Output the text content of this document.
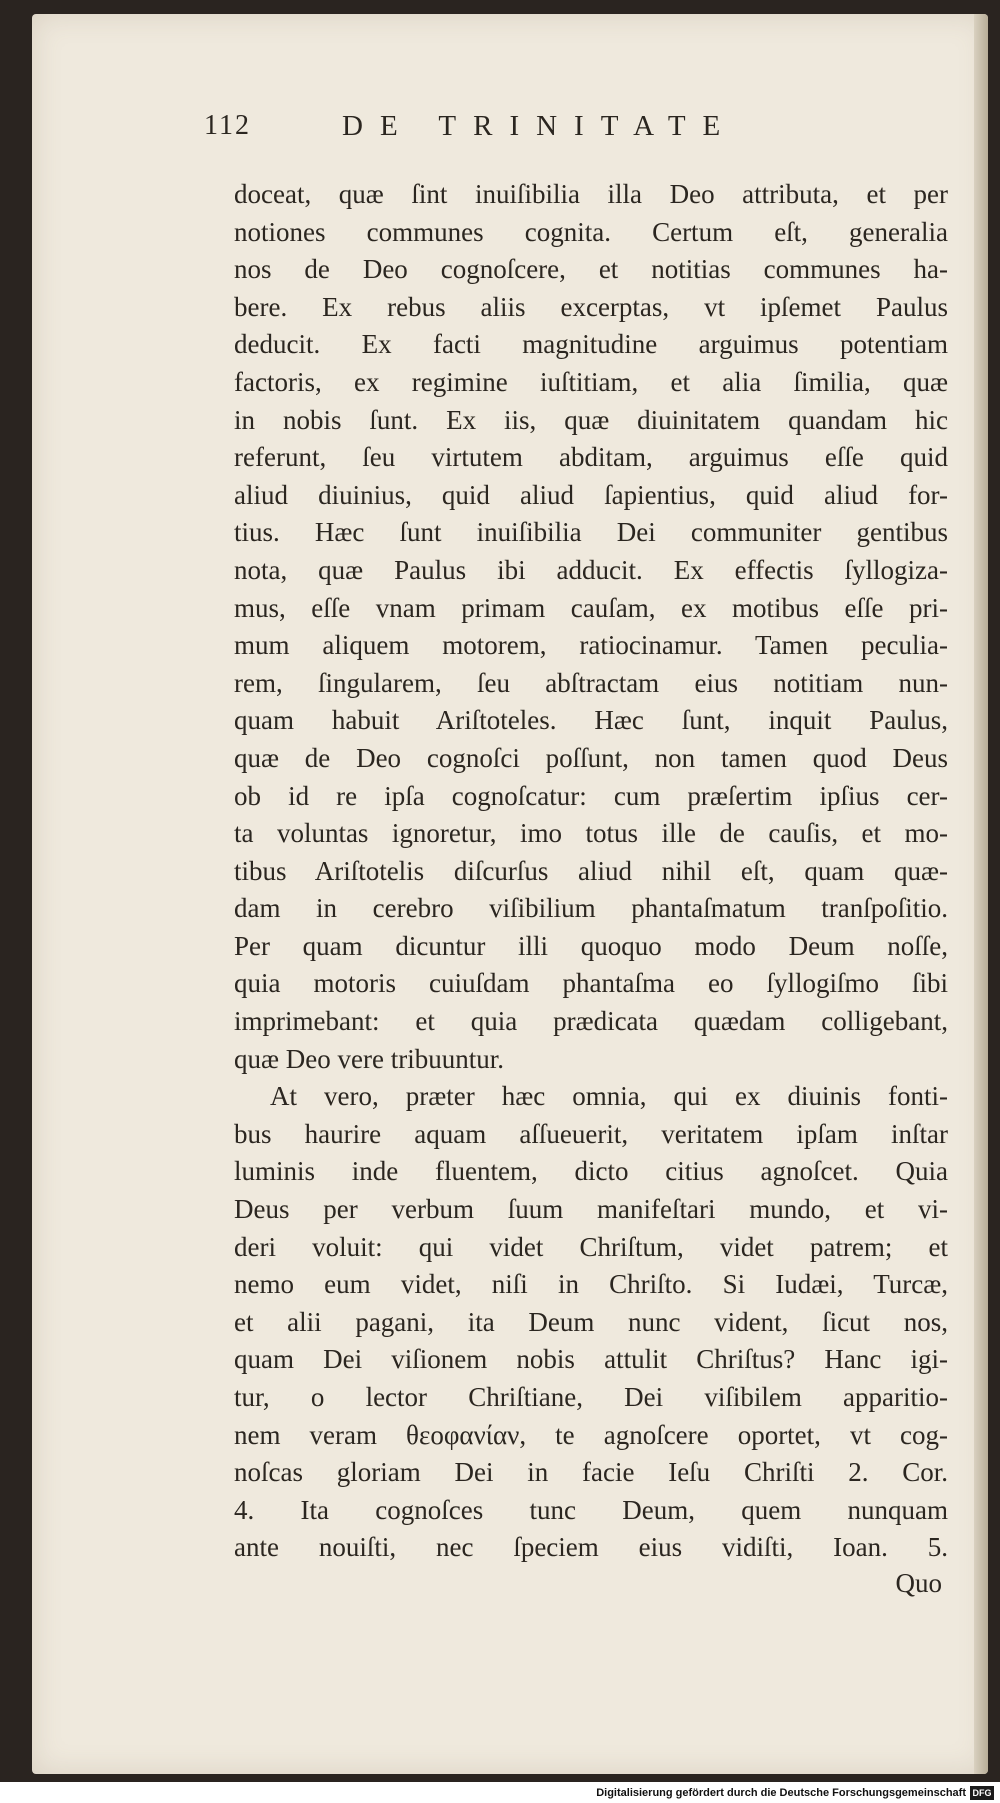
112	DE TRINITATE
doceat, quæ ſint inuiſibilia illa Deo attributa, et per
notiones communes cognita. Certum eſt, generalia
nos de Deo cognoſcere, et notitias communes ha-
bere. Ex rebus aliis excerptas, vt ipſemet Paulus
deducit. Ex facti magnitudine arguimus potentiam
factoris, ex regimine iuſtitiam, et alia ſimilia, quæ
in nobis ſunt. Ex iis, quæ diuinitatem quandam hic
referunt, ſeu virtutem abditam, arguimus eſſe quid
aliud diuinius, quid aliud ſapientius, quid aliud for-
tius. Hæc ſunt inuiſibilia Dei communiter gentibus
nota, quæ Paulus ibi adducit. Ex effectis ſyllogiza-
mus, eſſe vnam primam cauſam, ex motibus eſſe pri-
mum aliquem motorem, ratiocinamur. Tamen peculia-
rem, ſingularem, ſeu abſtractam eius notitiam nun-
quam habuit Ariſtoteles. Hæc ſunt, inquit Paulus,
quæ de Deo cognoſci poſſunt, non tamen quod Deus
ob id re ipſa cognoſcatur: cum præſertim ipſius cer-
ta voluntas ignoretur, imo totus ille de cauſis, et mo-
tibus Ariſtotelis diſcurſus aliud nihil eſt, quam quæ-
dam in cerebro viſibilium phantaſmatum tranſpoſitio.
Per quam dicuntur illi quoquo modo Deum noſſe,
quia motoris cuiuſdam phantaſma eo ſyllogiſmo ſibi
imprimebant: et quia prædicata quædam colligebant,
quæ Deo vere tribuuntur.
At vero, præter hæc omnia, qui ex diuinis fonti-
bus haurire aquam aſſueuerit, veritatem ipſam inſtar
luminis inde fluentem, dicto citius agnoſcet. Quia
Deus per verbum ſuum manifeſtari mundo, et vi-
deri voluit: qui videt Chriſtum, videt patrem; et
nemo eum videt, niſi in Chriſto. Si Iudæi, Turcæ,
et alii pagani, ita Deum nunc vident, ſicut nos,
quam Dei viſionem nobis attulit Chriſtus? Hanc igi-
tur, o lector Chriſtiane, Dei viſibilem apparitio-
nem veram θεοφανίαν, te agnoſcere oportet, vt cog-
noſcas gloriam Dei in facie Ieſu Chriſti 2. Cor.
4. Ita cognoſces tunc Deum, quem nunquam
ante nouiſti, nec ſpeciem eius vidiſti, Ioan. 5.
Quo
Digitalisierung gefördert durch die Deutsche Forschungsgemeinschaft DFG
